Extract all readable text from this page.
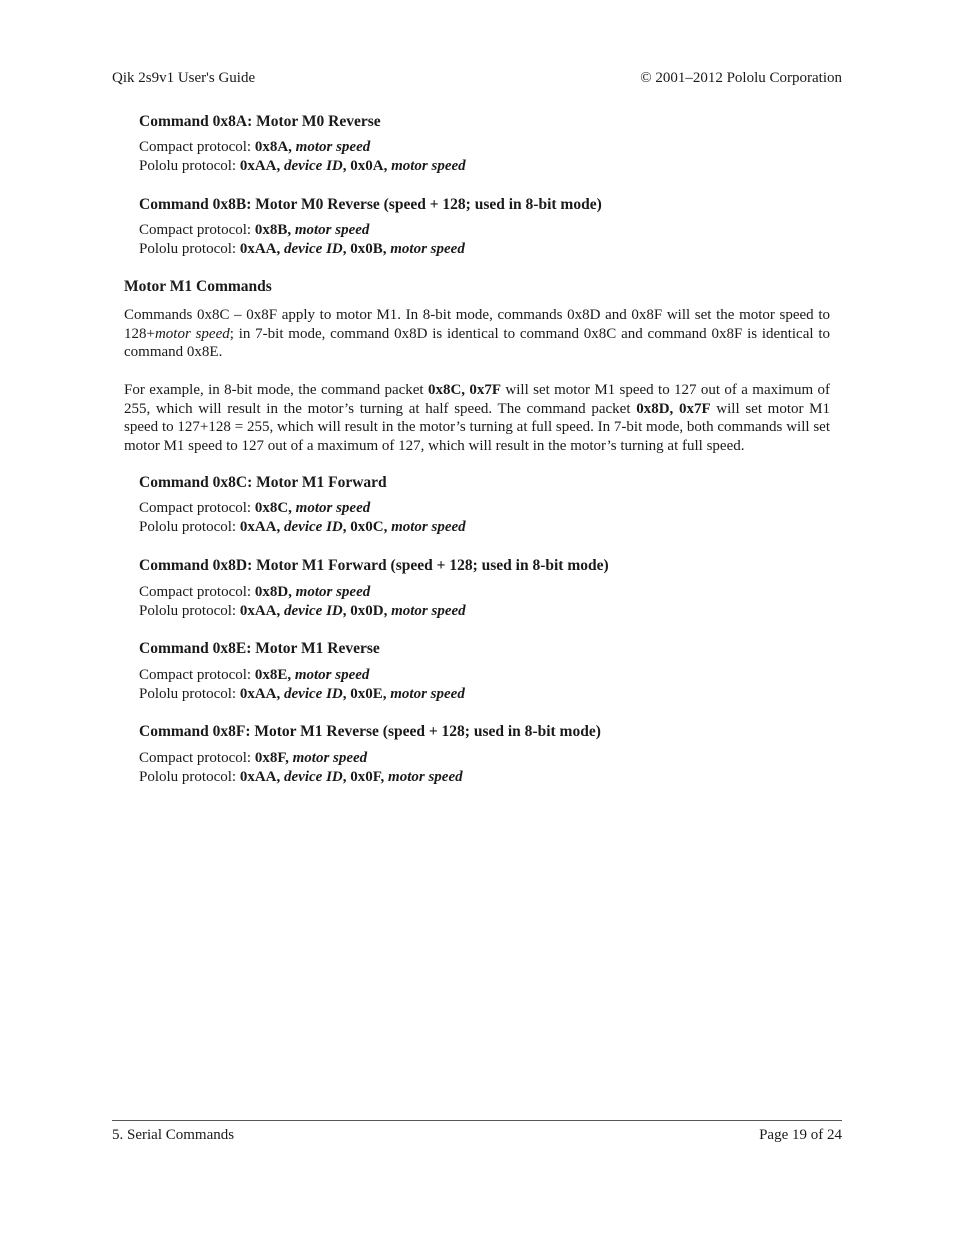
Qik 2s9v1 User's Guide	© 2001–2012 Pololu Corporation
Command 0x8A: Motor M0 Reverse
Compact protocol: 0x8A, motor speed
Pololu protocol: 0xAA, device ID, 0x0A, motor speed
Command 0x8B: Motor M0 Reverse (speed + 128; used in 8-bit mode)
Compact protocol: 0x8B, motor speed
Pololu protocol: 0xAA, device ID, 0x0B, motor speed
Motor M1 Commands
Commands 0x8C – 0x8F apply to motor M1. In 8-bit mode, commands 0x8D and 0x8F will set the motor speed to 128+motor speed; in 7-bit mode, command 0x8D is identical to command 0x8C and command 0x8F is identical to command 0x8E.
For example, in 8-bit mode, the command packet 0x8C, 0x7F will set motor M1 speed to 127 out of a maximum of 255, which will result in the motor’s turning at half speed. The command packet 0x8D, 0x7F will set motor M1 speed to 127+128 = 255, which will result in the motor’s turning at full speed. In 7-bit mode, both commands will set motor M1 speed to 127 out of a maximum of 127, which will result in the motor’s turning at full speed.
Command 0x8C: Motor M1 Forward
Compact protocol: 0x8C, motor speed
Pololu protocol: 0xAA, device ID, 0x0C, motor speed
Command 0x8D: Motor M1 Forward (speed + 128; used in 8-bit mode)
Compact protocol: 0x8D, motor speed
Pololu protocol: 0xAA, device ID, 0x0D, motor speed
Command 0x8E: Motor M1 Reverse
Compact protocol: 0x8E, motor speed
Pololu protocol: 0xAA, device ID, 0x0E, motor speed
Command 0x8F: Motor M1 Reverse (speed + 128; used in 8-bit mode)
Compact protocol: 0x8F, motor speed
Pololu protocol: 0xAA, device ID, 0x0F, motor speed
5. Serial Commands	Page 19 of 24
